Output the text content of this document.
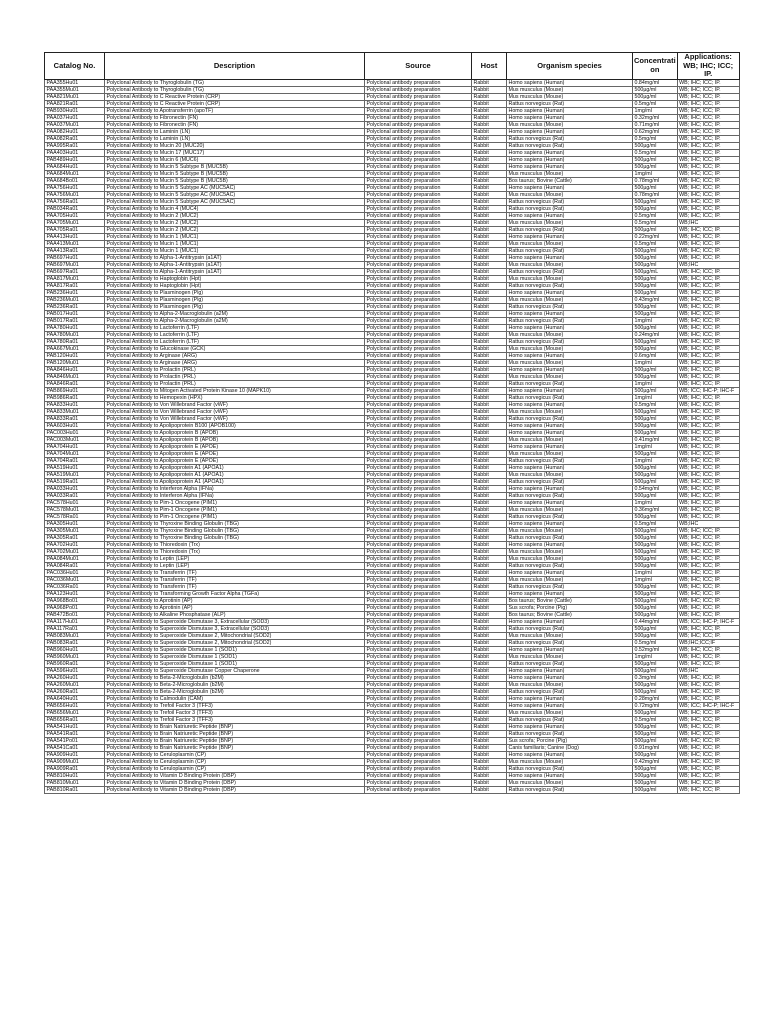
Catalog No.	Description	Source	Host	Organism species	Concentrati on	Applications: WB; IHC; ICC; IP.
PAA355Hu01	Polyclonal Antibody to Thyroglobulin (TG)	Polyclonal antibody preparation	Rabbit	Homo sapiens (Human)	0.84mg/ml	WB; IHC; ICC; IP.
PAA355Mu01	Polyclonal Antibody to Thyroglobulin (TG)	Polyclonal antibody preparation	Rabbit	Mus musculus (Mouse)	500µg/ml	WB; IHC; ICC; IP.
PAA821Mu01	Polyclonal Antibody to C Reactive Protein (CRP)	Polyclonal antibody preparation	Rabbit	Mus musculus (Mouse)	500µg/ml	WB; IHC; ICC; IP.
PAA821Ra01	Polyclonal Antibody to C Reactive Protein (CRP)	Polyclonal antibody preparation	Rabbit	Rattus norvegicus (Rat)	0.5mg/ml	WB; IHC; ICC; IP.
PAB930Hu01	Polyclonal Antibody to Apotransferrin (apoTF)	Polyclonal antibody preparation	Rabbit	Homo sapiens (Human)	1mg/ml	WB; IHC; ICC; IP.
PAA037Hu01	Polyclonal Antibody to Fibronectin (FN)	Polyclonal antibody preparation	Rabbit	Homo sapiens (Human)	0.32mg/ml	WB; IHC; ICC; IP.
PAA037Mu01	Polyclonal Antibody to Fibronectin (FN)	Polyclonal antibody preparation	Rabbit	Mus musculus (Mouse)	0.71mg/ml	WB; IHC; ICC; IP.
PAA082Hu01	Polyclonal Antibody to Laminin (LN)	Polyclonal antibody preparation	Rabbit	Homo sapiens (Human)	0.62mg/ml	WB; IHC; ICC; IP.
PAA082Ra01	Polyclonal Antibody to Laminin (LN)	Polyclonal antibody preparation	Rabbit	Rattus norvegicus (Rat)	0.5mg/ml	WB; IHC; ICC; IP.
PAA995Ra01	Polyclonal Antibody to Mucin 20 (MUC20)	Polyclonal antibody preparation	Rabbit	Rattus norvegicus (Rat)	500µg/ml	WB; IHC; ICC; IP.
PAA403Hu01	Polyclonal Antibody to Mucin 17 (MUC17)	Polyclonal antibody preparation	Rabbit	Homo sapiens (Human)	0.5mg/ml	WB; IHC; ICC; IP.
PAB489Hu01	Polyclonal Antibody to Mucin 6 (MUC6)	Polyclonal antibody preparation	Rabbit	Homo sapiens (Human)	500µg/ml	WB; IHC; ICC; IP.
PAA684Hu01	Polyclonal Antibody to Mucin 5 Subtype B (MUC5B)	Polyclonal antibody preparation	Rabbit	Homo sapiens (Human)	500µg/ml	WB; IHC; ICC; IP.
PAA684Mu01	Polyclonal Antibody to Mucin 5 Subtype B (MUC5B)	Polyclonal antibody preparation	Rabbit	Mus musculus (Mouse)	1mg/ml	WB; IHC; ICC; IP.
PAA684Bo01	Polyclonal Antibody to Mucin 5 Subtype B (MUC5B)	Polyclonal antibody preparation	Rabbit	Bos taurus; Bovine (Cattle)	0.78mg/ml	WB; IHC; ICC; IP.
PAA756Hu01	Polyclonal Antibody to Mucin 5 Subtype AC (MUC5AC)	Polyclonal antibody preparation	Rabbit	Homo sapiens (Human)	500µg/ml	WB; IHC; ICC; IP.
PAA756Mu01	Polyclonal Antibody to Mucin 5 Subtype AC (MUC5AC)	Polyclonal antibody preparation	Rabbit	Mus musculus (Mouse)	0.78mg/ml	WB; IHC; ICC; IP.
PAA756Ra01	Polyclonal Antibody to Mucin 5 Subtype AC (MUC5AC)	Polyclonal antibody preparation	Rabbit	Rattus norvegicus (Rat)	500µg/ml	WB; IHC; ICC; IP.
PAB034Ra01	Polyclonal Antibody to Mucin 4 (MUC4)	Polyclonal antibody preparation	Rabbit	Rattus norvegicus (Rat)	500µg/ml	WB; IHC; ICC; IP.
PAA705Hu01	Polyclonal Antibody to Mucin 2 (MUC2)	Polyclonal antibody preparation	Rabbit	Homo sapiens (Human)	0.5mg/ml	WB; IHC; ICC; IP.
PAA705Mu01	Polyclonal Antibody to Mucin 2 (MUC2)	Polyclonal antibody preparation	Rabbit	Mus musculus (Mouse)	0.5mg/ml	WB;IHC
PAA705Ra01	Polyclonal Antibody to Mucin 2 (MUC2)	Polyclonal antibody preparation	Rabbit	Rattus norvegicus (Rat)	500µg/ml	WB; IHC; ICC; IP.
PAA413Hu01	Polyclonal Antibody to Mucin 1 (MUC1)	Polyclonal antibody preparation	Rabbit	Homo sapiens (Human)	0.22mg/ml	WB; IHC; ICC; IP.
PAA413Mu01	Polyclonal Antibody to Mucin 1 (MUC1)	Polyclonal antibody preparation	Rabbit	Mus musculus (Mouse)	0.5mg/ml	WB; IHC; ICC; IP.
PAA413Ra01	Polyclonal Antibody to Mucin 1 (MUC1)	Polyclonal antibody preparation	Rabbit	Rattus norvegicus (Rat)	500µg/ml	WB; IHC; ICC; IP.
PAB697Hu01	Polyclonal Antibody to Alpha-1-Antitrypsin (a1AT)	Polyclonal antibody preparation	Rabbit	Homo sapiens (Human)	500µg/ml	WB; IHC; ICC; IP.
PAB697Mu01	Polyclonal Antibody to Alpha-1-Antitrypsin (a1AT)	Polyclonal antibody preparation	Rabbit	Mus musculus (Mouse)	500µg/ml	WB;IHC
PAB697Ra01	Polyclonal Antibody to Alpha-1-Antitrypsin (a1AT)	Polyclonal antibody preparation	Rabbit	Rattus norvegicus (Rat)	500µg/mL	WB; IHC; ICC; IP.
PAA817Mu01	Polyclonal Antibody to Haptoglobin (Hpt)	Polyclonal antibody preparation	Rabbit	Mus musculus (Mouse)	500µg/ml	WB; IHC; ICC; IP.
PAA817Ra01	Polyclonal Antibody to Haptoglobin (Hpt)	Polyclonal antibody preparation	Rabbit	Rattus norvegicus (Rat)	500µg/ml	WB; IHC; ICC; IP.
PAB236Hu01	Polyclonal Antibody to Plasminogen (Plg)	Polyclonal antibody preparation	Rabbit	Homo sapiens (Human)	500µg/ml	WB; IHC; ICC; IP.
PAB236Mu01	Polyclonal Antibody to Plasminogen (Plg)	Polyclonal antibody preparation	Rabbit	Mus musculus (Mouse)	0.43mg/ml	WB; IHC; ICC; IP.
PAB236Ra01	Polyclonal Antibody to Plasminogen (Plg)	Polyclonal antibody preparation	Rabbit	Rattus norvegicus (Rat)	500µg/ml	WB; IHC; ICC; IP.
PAB017Hu01	Polyclonal Antibody to Alpha-2-Macroglobulin (a2M)	Polyclonal antibody preparation	Rabbit	Homo sapiens (Human)	500µg/ml	WB; IHC; ICC; IP.
PAB017Ra01	Polyclonal Antibody to Alpha-2-Macroglobulin (a2M)	Polyclonal antibody preparation	Rabbit	Rattus norvegicus (Rat)	1mg/ml	WB; IHC; ICC; IP.
PAA780Hu01	Polyclonal Antibody to Lactoferrin (LTF)	Polyclonal antibody preparation	Rabbit	Homo sapiens (Human)	500µg/ml	WB; IHC; ICC; IP.
PAA780Mu01	Polyclonal Antibody to Lactoferrin (LTF)	Polyclonal antibody preparation	Rabbit	Mus musculus (Mouse)	0.24mg/ml	WB; IHC; ICC; IP.
PAA780Ra01	Polyclonal Antibody to Lactoferrin (LTF)	Polyclonal antibody preparation	Rabbit	Rattus norvegicus (Rat)	500µg/ml	WB; IHC; ICC; IP.
PAA667Mu01	Polyclonal Antibody to Glucokinase (GCK)	Polyclonal antibody preparation	Rabbit	Mus musculus (Mouse)	500µg/ml	WB; IHC; ICC; IP.
PAB120Hu01	Polyclonal Antibody to Arginase (ARG)	Polyclonal antibody preparation	Rabbit	Homo sapiens (Human)	0.6mg/ml	WB; IHC; ICC; IP.
PAB120Mu01	Polyclonal Antibody to Arginase (ARG)	Polyclonal antibody preparation	Rabbit	Mus musculus (Mouse)	1mg/ml	WB; IHC; ICC; IP.
PAA846Hu01	Polyclonal Antibody to Prolactin (PRL)	Polyclonal antibody preparation	Rabbit	Homo sapiens (Human)	500µg/ml	WB; IHC; ICC; IP.
PAA846Mu01	Polyclonal Antibody to Prolactin (PRL)	Polyclonal antibody preparation	Rabbit	Mus musculus (Mouse)	500µg/ml	WB; IHC; ICC; IP.
PAA846Ra01	Polyclonal Antibody to Prolactin (PRL)	Polyclonal antibody preparation	Rabbit	Rattus norvegicus (Rat)	1mg/ml	WB; IHC; ICC; IP.
PAB869Hu01	Polyclonal Antibody to Mitogen Activated Protein Kinase 10 (MAPK10)	Polyclonal antibody preparation	Rabbit	Homo sapiens (Human)	500µg/ml	WB; ICC; IHC-P; IHC-F
PAB986Ra01	Polyclonal Antibody to Hemopexin (HPX)	Polyclonal antibody preparation	Rabbit	Rattus norvegicus (Rat)	1mg/ml	WB; IHC; ICC; IP.
PAA833Hu01	Polyclonal Antibody to Von Willebrand Factor (vWF)	Polyclonal antibody preparation	Rabbit	Homo sapiens (Human)	0.5mg/ml	WB; IHC; ICC; IP.
PAA833Mu01	Polyclonal Antibody to Von Willebrand Factor (vWF)	Polyclonal antibody preparation	Rabbit	Mus musculus (Mouse)	500µg/ml	WB; IHC; ICC; IP.
PAA833Ra01	Polyclonal Antibody to Von Willebrand Factor (vWF)	Polyclonal antibody preparation	Rabbit	Rattus norvegicus (Rat)	500µg/ml	WB; IHC; ICC; IP.
PAA603Hu01	Polyclonal Antibody to Apolipoprotein B100 (APOB100)	Polyclonal antibody preparation	Rabbit	Homo sapiens (Human)	500µg/ml	WB; IHC; ICC; IP.
PAC003Hu01	Polyclonal Antibody to Apolipoprotein B (APOB)	Polyclonal antibody preparation	Rabbit	Homo sapiens (Human)	500µg/ml	WB; IHC; ICC; IP.
PAC003Mu01	Polyclonal Antibody to Apolipoprotein B (APOB)	Polyclonal antibody preparation	Rabbit	Mus musculus (Mouse)	0.41mg/ml	WB; IHC; ICC; IP.
PAA704Hu01	Polyclonal Antibody to Apolipoprotein E (APOE)	Polyclonal antibody preparation	Rabbit	Homo sapiens (Human)	1mg/ml	WB; IHC; ICC; IP.
PAA704Mu01	Polyclonal Antibody to Apolipoprotein E (APOE)	Polyclonal antibody preparation	Rabbit	Mus musculus (Mouse)	500µg/ml	WB; IHC; ICC; IP.
PAA704Ra01	Polyclonal Antibody to Apolipoprotein E (APOE)	Polyclonal antibody preparation	Rabbit	Rattus norvegicus (Rat)	1mg/ml	WB; IHC; ICC; IP.
PAA519Hu01	Polyclonal Antibody to Apolipoprotein A1 (APOA1)	Polyclonal antibody preparation	Rabbit	Homo sapiens (Human)	500µg/ml	WB; IHC; ICC; IP.
PAA519Mu01	Polyclonal Antibody to Apolipoprotein A1 (APOA1)	Polyclonal antibody preparation	Rabbit	Mus musculus (Mouse)	500µg/ml	WB; IHC; ICC; IP.
PAA519Ra01	Polyclonal Antibody to Apolipoprotein A1 (APOA1)	Polyclonal antibody preparation	Rabbit	Rattus norvegicus (Rat)	500µg/ml	WB; IHC; ICC; IP.
PAA033Hu01	Polyclonal Antibody to Interferon Alpha (IFNa)	Polyclonal antibody preparation	Rabbit	Homo sapiens (Human)	0.54mg/ml	WB; IHC; ICC; IP.
PAA033Ra01	Polyclonal Antibody to Interferon Alpha (IFNa)	Polyclonal antibody preparation	Rabbit	Rattus norvegicus (Rat)	500µg/ml	WB; IHC; ICC; IP.
PAC578Hu01	Polyclonal Antibody to Pim-1 Oncogene (PIM1)	Polyclonal antibody preparation	Rabbit	Homo sapiens (Human)	1mg/ml	WB; IHC; ICC; IP.
PAC578Mu01	Polyclonal Antibody to Pim-1 Oncogene (PIM1)	Polyclonal antibody preparation	Rabbit	Mus musculus (Mouse)	0.36mg/ml	WB; IHC; ICC; IP.
PAC578Ra01	Polyclonal Antibody to Pim-1 Oncogene (PIM1)	Polyclonal antibody preparation	Rabbit	Rattus norvegicus (Rat)	500µg/ml	WB; IHC; ICC; IP.
PAA305Hu01	Polyclonal Antibody to Thyroxine Binding Globulin (TBG)	Polyclonal antibody preparation	Rabbit	Homo sapiens (Human)	0.5mg/ml	WB;IHC
PAA305Mu01	Polyclonal Antibody to Thyroxine Binding Globulin (TBG)	Polyclonal antibody preparation	Rabbit	Mus musculus (Mouse)	500µg/ml	WB; IHC; ICC; IP.
PAA305Ra01	Polyclonal Antibody to Thyroxine Binding Globulin (TBG)	Polyclonal antibody preparation	Rabbit	Rattus norvegicus (Rat)	500µg/ml	WB; IHC; ICC; IP.
PAA702Hu01	Polyclonal Antibody to Thioredoxin (Trx)	Polyclonal antibody preparation	Rabbit	Homo sapiens (Human)	500µg/ml	WB; IHC; ICC; IP.
PAA702Mu01	Polyclonal Antibody to Thioredoxin (Trx)	Polyclonal antibody preparation	Rabbit	Mus musculus (Mouse)	500µg/ml	WB; IHC; ICC; IP.
PAA084Mu01	Polyclonal Antibody to Leptin (LEP)	Polyclonal antibody preparation	Rabbit	Mus musculus (Mouse)	500µg/ml	WB; IHC; ICC; IP.
PAA084Ra01	Polyclonal Antibody to Leptin (LEP)	Polyclonal antibody preparation	Rabbit	Rattus norvegicus (Rat)	500µg/ml	WB; IHC; ICC; IP.
PAC036Hu01	Polyclonal Antibody to Transferrin (TF)	Polyclonal antibody preparation	Rabbit	Homo sapiens (Human)	1mg/ml	WB; IHC; ICC; IP.
PAC036Mu01	Polyclonal Antibody to Transferrin (TF)	Polyclonal antibody preparation	Rabbit	Mus musculus (Mouse)	1mg/ml	WB; IHC; ICC; IP.
PAC036Ra01	Polyclonal Antibody to Transferrin (TF)	Polyclonal antibody preparation	Rabbit	Rattus norvegicus (Rat)	500µg/ml	WB; IHC; ICC; IP.
PAA123Hu01	Polyclonal Antibody to Transforming Growth Factor Alpha (TGFa)	Polyclonal antibody preparation	Rabbit	Homo sapiens (Human)	500µg/ml	WB; IHC; ICC; IP.
PAA968Bo01	Polyclonal Antibody to Aprotinin (AP)	Polyclonal antibody preparation	Rabbit	Bos taurus; Bovine (Cattle)	500µg/ml	WB; IHC; ICC; IP.
PAA968Po01	Polyclonal Antibody to Aprotinin (AP)	Polyclonal antibody preparation	Rabbit	Sus scrofa; Porcine (Pig)	500µg/ml	WB; IHC; ICC; IP.
PAB472Bo01	Polyclonal Antibody to Alkaline Phosphatase (ALP)	Polyclonal antibody preparation	Rabbit	Bos taurus; Bovine (Cattle)	500µg/ml	WB; IHC; ICC; IP.
PAA117Hu01	Polyclonal Antibody to Superoxide Dismutase 3, Extracellular (SOD3)	Polyclonal antibody preparation	Rabbit	Homo sapiens (Human)	0.44mg/ml	WB; ICC; IHC-P; IHC-F
PAA117Ra01	Polyclonal Antibody to Superoxide Dismutase 3, Extracellular (SOD3)	Polyclonal antibody preparation	Rabbit	Rattus norvegicus (Rat)	500µg/ml	WB; IHC; ICC; IP.
PAB083Mu01	Polyclonal Antibody to Superoxide Dismutase 2, Mitochondrial (SOD2)	Polyclonal antibody preparation	Rabbit	Mus musculus (Mouse)	500µg/ml	WB; IHC; ICC; IP.
PAB083Ra01	Polyclonal Antibody to Superoxide Dismutase 2, Mitochondrial (SOD2)	Polyclonal antibody preparation	Rabbit	Rattus norvegicus (Rat)	0.5mg/ml	WB;IHC;ICC;IF
PAB960Hu01	Polyclonal Antibody to Superoxide Dismutase 1 (SOD1)	Polyclonal antibody preparation	Rabbit	Homo sapiens (Human)	0.52mg/ml	WB; IHC; ICC; IP.
PAB960Mu01	Polyclonal Antibody to Superoxide Dismutase 1 (SOD1)	Polyclonal antibody preparation	Rabbit	Mus musculus (Mouse)	1mg/ml	WB; IHC; ICC; IP.
PAB960Ra01	Polyclonal Antibody to Superoxide Dismutase 1 (SOD1)	Polyclonal antibody preparation	Rabbit	Rattus norvegicus (Rat)	500µg/ml	WB; IHC; ICC; IP.
PAA596Hu01	Polyclonal Antibody to Superoxide Dismutase Copper Chaperone	Polyclonal antibody preparation	Rabbit	Homo sapiens (Human)	500µg/ml	WB;IHC
PAA260Hu01	Polyclonal Antibody to Beta-2-Microglobulin (b2M)	Polyclonal antibody preparation	Rabbit	Homo sapiens (Human)	0.3mg/ml	WB; IHC; ICC; IP.
PAA260Mu01	Polyclonal Antibody to Beta-2-Microglobulin (b2M)	Polyclonal antibody preparation	Rabbit	Mus musculus (Mouse)	500µg/ml	WB; IHC; ICC; IP.
PAA260Ra01	Polyclonal Antibody to Beta-2-Microglobulin (b2M)	Polyclonal antibody preparation	Rabbit	Rattus norvegicus (Rat)	500µg/ml	WB; IHC; ICC; IP.
PAA640Hu01	Polyclonal Antibody to Calmodulin (CAM)	Polyclonal antibody preparation	Rabbit	Homo sapiens (Human)	0.28mg/ml	WB; IHC; ICC; IP.
PAB656Hu01	Polyclonal Antibody to Trefoil Factor 3 (TFF3)	Polyclonal antibody preparation	Rabbit	Homo sapiens (Human)	0.72mg/ml	WB; ICC; IHC-P; IHC-F
PAB656Mu01	Polyclonal Antibody to Trefoil Factor 3 (TFF3)	Polyclonal antibody preparation	Rabbit	Mus musculus (Mouse)	500µg/ml	WB; IHC; ICC; IP.
PAB656Ra01	Polyclonal Antibody to Trefoil Factor 3 (TFF3)	Polyclonal antibody preparation	Rabbit	Rattus norvegicus (Rat)	0.5mg/ml	WB; IHC; ICC; IP.
PAA541Hu01	Polyclonal Antibody to Brain Natriuretic Peptide (BNP)	Polyclonal antibody preparation	Rabbit	Homo sapiens (Human)	500µg/ml	WB; IHC; ICC; IP.
PAA541Ra01	Polyclonal Antibody to Brain Natriuretic Peptide (BNP)	Polyclonal antibody preparation	Rabbit	Rattus norvegicus (Rat)	500µg/ml	WB; IHC; ICC; IP.
PAA541Po01	Polyclonal Antibody to Brain Natriuretic Peptide (BNP)	Polyclonal antibody preparation	Rabbit	Sus scrofa; Porcine (Pig)	500µg/ml	WB; IHC; ICC; IP.
PAA541Ca01	Polyclonal Antibody to Brain Natriuretic Peptide (BNP)	Polyclonal antibody preparation	Rabbit	Canis familiaris; Canine (Dog)	0.91mg/ml	WB; IHC; ICC; IP.
PAA909Hu01	Polyclonal Antibody to Ceruloplasmin (CP)	Polyclonal antibody preparation	Rabbit	Homo sapiens (Human)	500µg/ml	WB; IHC; ICC; IP.
PAA909Mu01	Polyclonal Antibody to Ceruloplasmin (CP)	Polyclonal antibody preparation	Rabbit	Mus musculus (Mouse)	0.42mg/ml	WB; IHC; ICC; IP.
PAA909Ra01	Polyclonal Antibody to Ceruloplasmin (CP)	Polyclonal antibody preparation	Rabbit	Rattus norvegicus (Rat)	500µg/ml	WB; IHC; ICC; IP.
PAB810Hu01	Polyclonal Antibody to Vitamin D Binding Protein (DBP)	Polyclonal antibody preparation	Rabbit	Homo sapiens (Human)	500µg/ml	WB; IHC; ICC; IP.
PAB810Mu01	Polyclonal Antibody to Vitamin D Binding Protein (DBP)	Polyclonal antibody preparation	Rabbit	Mus musculus (Mouse)	500µg/ml	WB; IHC; ICC; IP.
PAB810Ra01	Polyclonal Antibody to Vitamin D Binding Protein (DBP)	Polyclonal antibody preparation	Rabbit	Rattus norvegicus (Rat)	500µg/ml	WB; IHC; ICC; IP.
